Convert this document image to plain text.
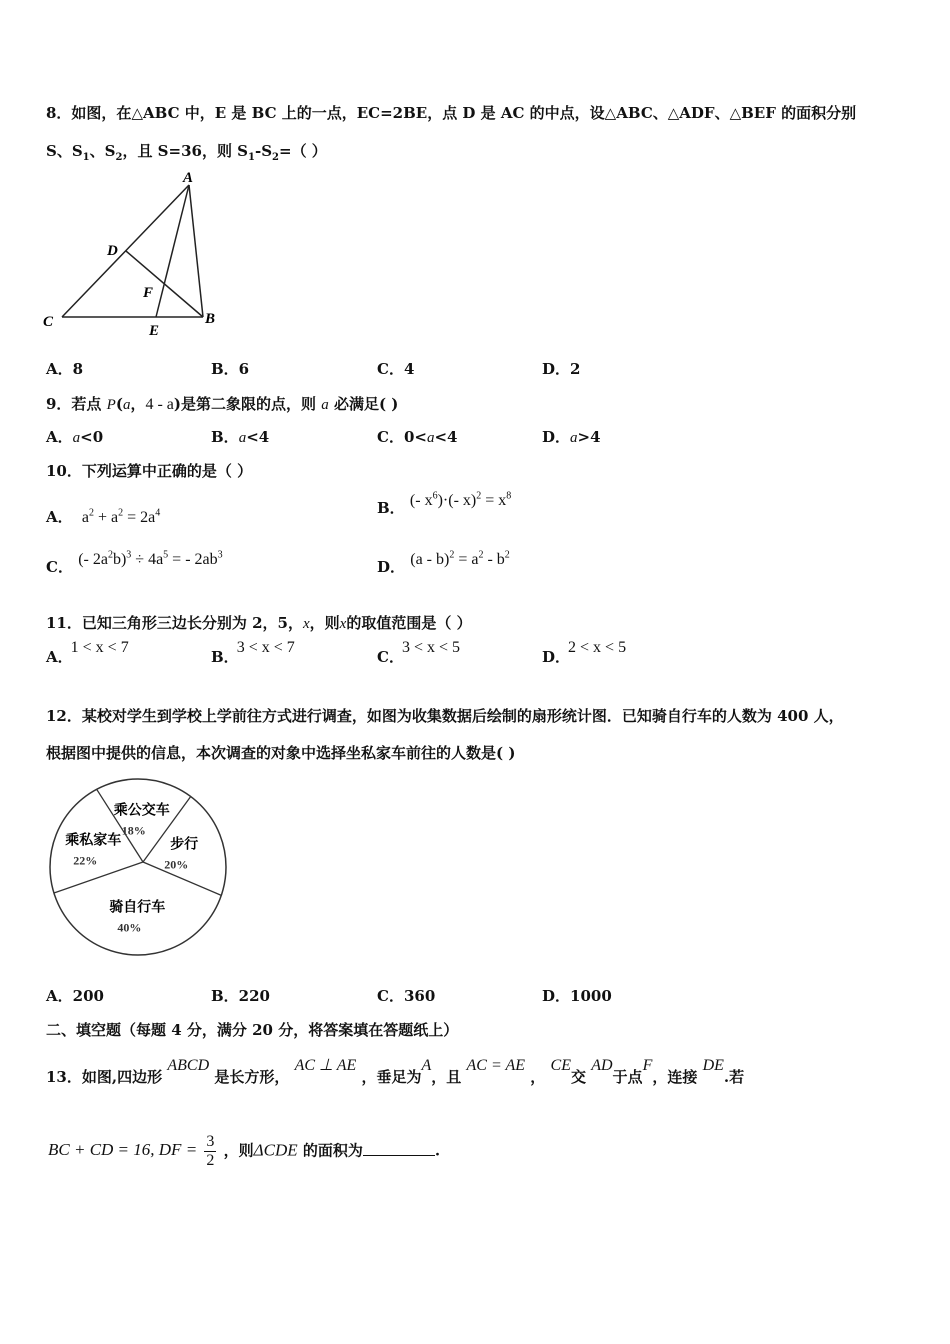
8．如图，在△ABC 中，E 是 BC 上的一点，EC=2BE，点 D 是 AC 的中点，设△ABC、△ADF、△BEF 的面积分别
S、$S_1$、$S_2$，且 S=36，则 $S_1-S_2=$（ ）
A
B
C
D
E
F
A．8	B．6	C．4	D．2
9．若点 P(a，4 - a)是第二象限的点，则 a 必满足( )
A．a<0	B．a<4	C．0<a<4	D．a>4
10．下列运算中正确的是（ ）
A．  $a^2 + a^2 = 2a^4$	B． (- $x^6)\cdot(-$ $x)^2 = x^8$
C． (- $2a^2b)^3 \div 4a^5$ = - $2ab^3$
D． $(a - b)^2 = a^2 - b^2$
11．已知三角形三边长分别为 2，5，x，则x的取值范围是（ ）
A．1 < x < 7
B．3 < x < 7
C．3 < x < 5
D．2 < x < 5
12．某校对学生到学校上学前往方式进行调查，如图为收集数据后绘制的扇形统计图．已知骑自行车的人数为 400 人，
根据图中提供的信息，本次调查的对象中选择坐私家车前往的人数是( )
乘公交车
18%
步行
20%
骑自行车
40%
乘私家车
22%
A．200	B．220	C．360	D．1000
二、填空题（每题 4 分，满分 20 分，将答案填在答题纸上）
13．如图,四边形 ABCD 是长方形， AC ⊥ AE ，垂足为A，且 AC = AE ， CE交 AD于点F，连接 DE.若
BC + CD = 16, DF = $\frac{3}{2}$ ，则ΔCDE 的面积为	.
